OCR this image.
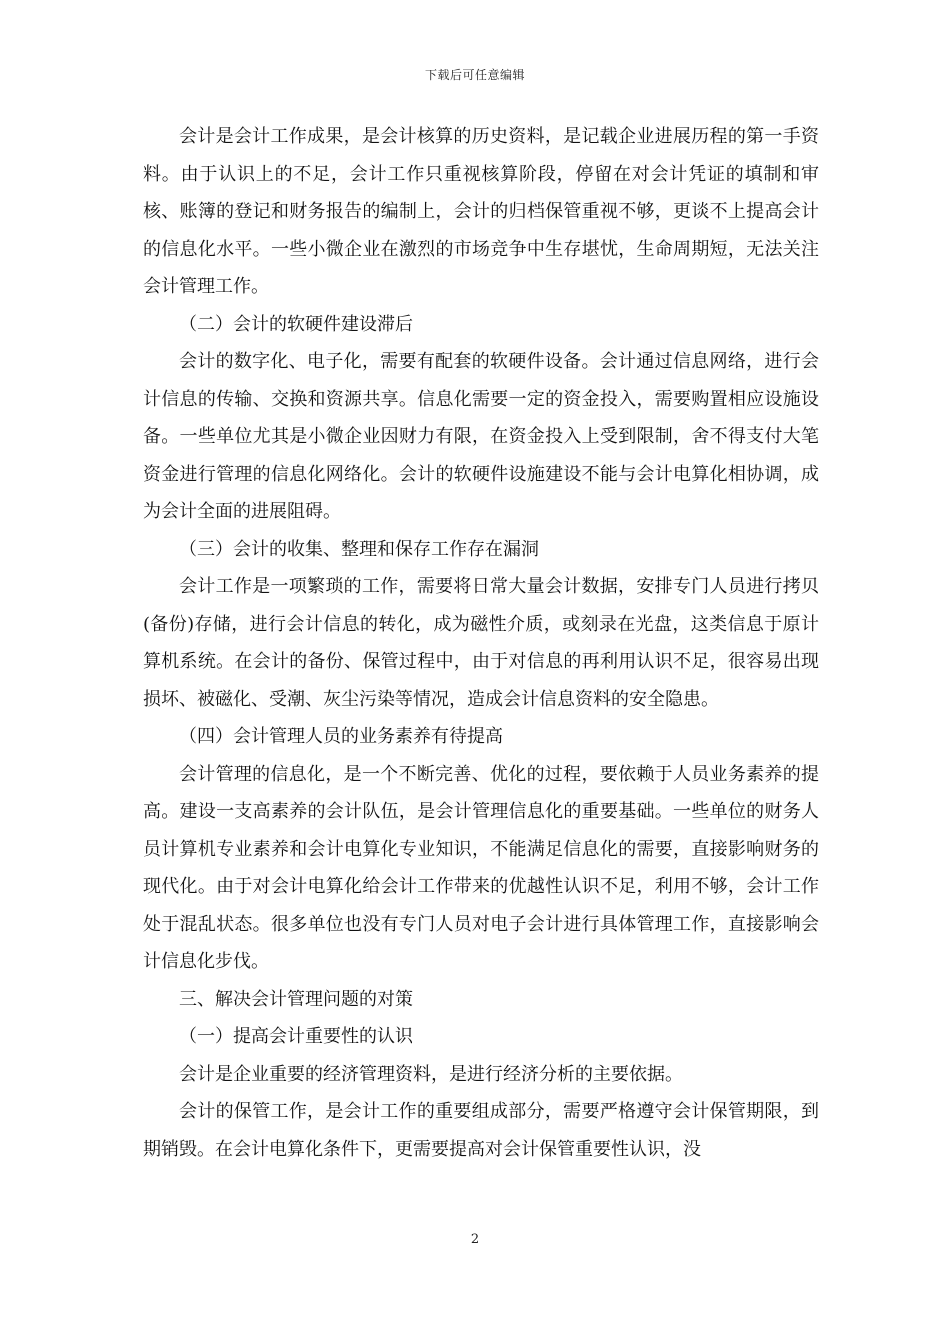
下载后可任意编辑

会计是会计工作成果，是会计核算的历史资料，是记载企业进展历程的第一手资料。由于认识上的不足，会计工作只重视核算阶段，停留在对会计凭证的填制和审核、账簿的登记和财务报告的编制上，会计的归档保管重视不够，更谈不上提高会计的信息化水平。一些小微企业在激烈的市场竞争中生存堪忧，生命周期短，无法关注会计管理工作。

（二）会计的软硬件建设滞后

会计的数字化、电子化，需要有配套的软硬件设备。会计通过信息网络，进行会计信息的传输、交换和资源共享。信息化需要一定的资金投入，需要购置相应设施设备。一些单位尤其是小微企业因财力有限，在资金投入上受到限制，舍不得支付大笔资金进行管理的信息化网络化。会计的软硬件设施建设不能与会计电算化相协调，成为会计全面的进展阻碍。

（三）会计的收集、整理和保存工作存在漏洞

会计工作是一项繁琐的工作，需要将日常大量会计数据，安排专门人员进行拷贝(备份)存储，进行会计信息的转化，成为磁性介质，或刻录在光盘，这类信息于原计算机系统。在会计的备份、保管过程中，由于对信息的再利用认识不足，很容易出现损坏、被磁化、受潮、灰尘污染等情况，造成会计信息资料的安全隐患。

（四）会计管理人员的业务素养有待提高

会计管理的信息化，是一个不断完善、优化的过程，要依赖于人员业务素养的提高。建设一支高素养的会计队伍，是会计管理信息化的重要基础。一些单位的财务人员计算机专业素养和会计电算化专业知识，不能满足信息化的需要，直接影响财务的现代化。由于对会计电算化给会计工作带来的优越性认识不足，利用不够，会计工作处于混乱状态。很多单位也没有专门人员对电子会计进行具体管理工作，直接影响会计信息化步伐。

三、解决会计管理问题的对策

（一）提高会计重要性的认识

会计是企业重要的经济管理资料，是进行经济分析的主要依据。

会计的保管工作，是会计工作的重要组成部分，需要严格遵守会计保管期限，到期销毁。在会计电算化条件下，更需要提高对会计保管重要性认识，没

2
